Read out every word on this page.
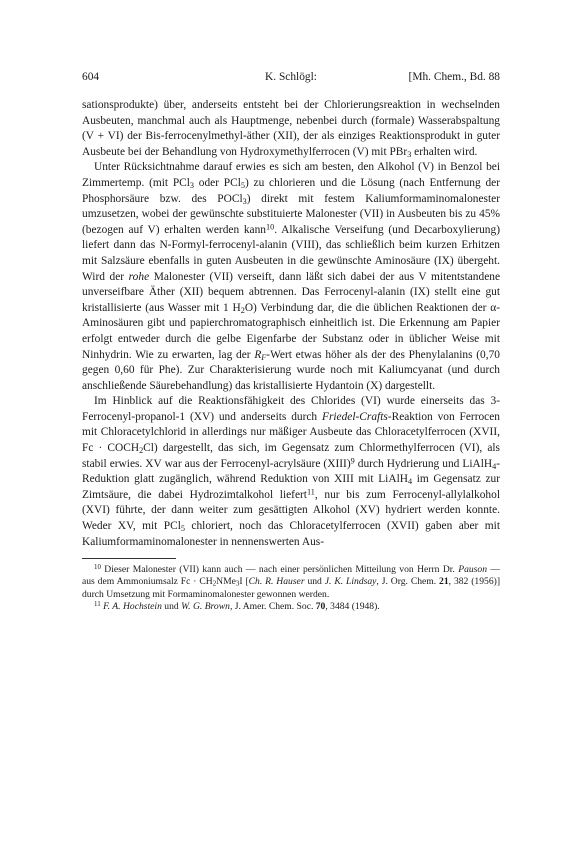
604	K. Schlögl:	[Mh. Chem., Bd. 88

sationsprodukte) über, anderseits entsteht bei der Chlorierungsreaktion in wechselnden Ausbeuten, manchmal auch als Hauptmenge, nebenbei durch (formale) Wasserabspaltung (V + VI) der Bis-ferrocenylmethyl-äther (XII), der als einziges Reaktionsprodukt in guter Ausbeute bei der Behandlung von Hydroxymethylferrocen (V) mit PBr$_3$ erhalten wird.

Unter Rücksichtnahme darauf erwies es sich am besten, den Alkohol (V) in Benzol bei Zimmertemp. (mit PCl$_3$ oder PCl$_5$) zu chlorieren und die Lösung (nach Entfernung der Phosphorsäure bzw. des POCl$_3$) direkt mit festem Kaliumformaminomalonester umzusetzen, wobei der gewünschte substituierte Malonester (VII) in Ausbeuten bis zu 45% (bezogen auf V) erhalten werden kann$^{10}$. Alkalische Verseifung (und Decarboxylierung) liefert dann das N-Formyl-ferrocenyl-alanin (VIII), das schließlich beim kurzen Erhitzen mit Salzsäure ebenfalls in guten Ausbeuten in die gewünschte Aminosäure (IX) übergeht. Wird der rohe Malonester (VII) verseift, dann läßt sich dabei der aus V mitentstandene unverseifbare Äther (XII) bequem abtrennen. Das Ferrocenyl-alanin (IX) stellt eine gut kristallisierte (aus Wasser mit 1 $H_2O$) Verbindung dar, die die üblichen Reaktionen der α-Aminosäuren gibt und papierchromatographisch einheitlich ist. Die Erkennung am Papier erfolgt entweder durch die gelbe Eigenfarbe der Substanz oder in üblicher Weise mit Ninhydrin. Wie zu erwarten, lag der $R_F$-Wert etwas höher als der des Phenylalanins (0,70 gegen 0,60 für Phe). Zur Charakterisierung wurde noch mit Kaliumcyanat (und durch anschließende Säurebehandlung) das kristallisierte Hydantoin (X) dargestellt.

Im Hinblick auf die Reaktionsfähigkeit des Chlorides (VI) wurde einerseits das 3-Ferrocenyl-propanol-1 (XV) und anderseits durch Friedel-Crafts-Reaktion von Ferrocen mit Chloracetylchlorid in allerdings nur mäßiger Ausbeute das Chloracetylferrocen (XVII, $Fc \cdot COCH_2Cl$) dargestellt, das sich, im Gegensatz zum Chlormethylferrocen (VI), als stabil erwies. XV war aus der Ferrocenyl-acrylsäure (XIII)$^9$ durch Hydrierung und LiAlH$_4$-Reduktion glatt zugänglich, während Reduktion von XIII mit LiAlH$_4$ im Gegensatz zur Zimtsäure, die dabei Hydrozimtalkohol liefert$^{11}$, nur bis zum Ferrocenyl-allylalkohol (XVI) führte, der dann weiter zum gesättigten Alkohol (XV) hydriert werden konnte. Weder XV, mit PCl$_5$ chloriert, noch das Chloracetylferrocen (XVII) gaben aber mit Kaliumformaminomalonester in nennenswerten Aus-

$^{10}$ Dieser Malonester (VII) kann auch — nach einer persönlichen Mitteilung von Herrn Dr. Pauson — aus dem Ammoniumsalz $Fc \cdot CH_2NMe_3I$ [Ch. R. Hauser und J. K. Lindsay, J. Org. Chem. 21, 382 (1956)] durch Umsetzung mit Formaminomalonester gewonnen werden.

$^{11}$ F. A. Hochstein und W. G. Brown, J. Amer. Chem. Soc. 70, 3484 (1948).
